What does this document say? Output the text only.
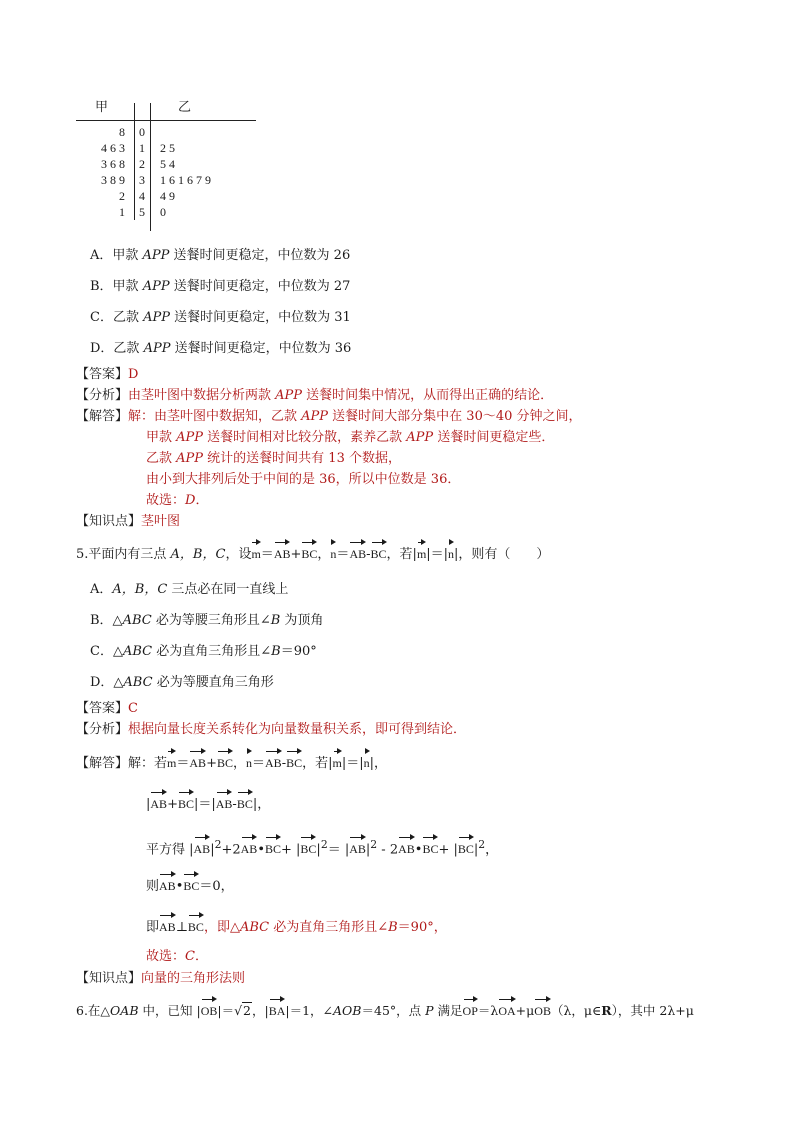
甲	乙
8 0
4 6 3 1 2 5
3 6 8 2 5 4
3 8 9 3 1 6 1 6 7 9
2 4 4 9
1 5 0
A．甲款 APP 送餐时间更稳定，中位数为 26
B．甲款 APP 送餐时间更稳定，中位数为 27
C．乙款 APP 送餐时间更稳定，中位数为 31
D．乙款 APP 送餐时间更稳定，中位数为 36
【答案】D
【分析】由茎叶图中数据分析两款 APP 送餐时间集中情况，从而得出正确的结论．
【解答】解：由茎叶图中数据知，乙款 APP 送餐时间大部分集中在 30～40 分钟之间，
甲款 APP 送餐时间相对比较分散，素养乙款 APP 送餐时间更稳定些．
乙款 APP 统计的送餐时间共有 13 个数据，
由小到大排列后处于中间的是 36，所以中位数是 36．
故选：D．
【知识点】茎叶图
5.平面内有三点 A，B，C，设m＝AB+BC，n＝AB-BC，若|m|＝|n|，则有（　　）
A．A，B，C 三点必在同一直线上
B．△ABC 必为等腰三角形且∠B 为顶角
C．△ABC 必为直角三角形且∠B＝90°
D．△ABC 必为等腰直角三角形
【答案】C
【分析】根据向量长度关系转化为向量数量积关系，即可得到结论．
【解答】解：若m＝AB+BC，n＝AB-BC，若|m|＝|n|，
|AB+BC|＝|AB-BC|，
平方得 $|AB|^2+2AB•BC+ |BC|^2= |AB|^2$ - 2AB•BC+ $|BC|^2$，
则AB•BC＝0，
即AB⊥BC，即△ABC 必为直角三角形且∠B＝90°，
故选：C．
【知识点】向量的三角形法则
6.在△OAB 中，已知 |OB|＝√2，|BA|＝1，∠AOB＝45°，点 P 满足OP＝λOA+μOB（λ，μ∈R），其中 2λ+μ
